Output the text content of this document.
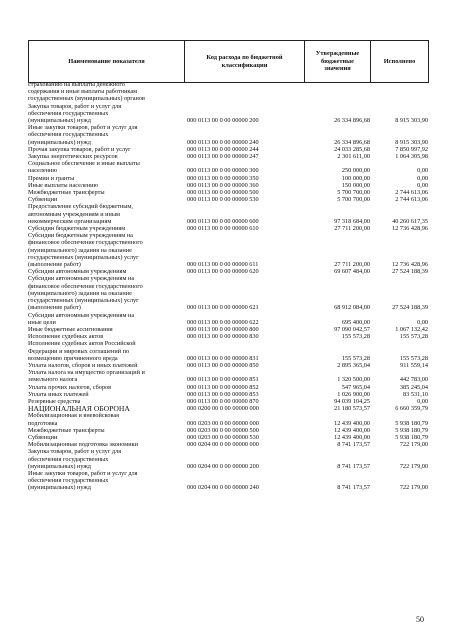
Наименование показателя	Код расхода по бюджетной классификации	Утвержденные бюджетные значения	Исполнено
страхованию на выплаты денежного
содержания и иные выплаты работникам
государственных (муниципальных) органов
Закупка товаров, работ и услуг для
обеспечения государственных
(муниципальных) нужд	000 0113 00 0 00 00000 200	26 334 896,68	8 915 303,90
Иные закупки товаров, работ и услуг для
обеспечения государственных
(муниципальных) нужд	000 0113 00 0 00 00000 240	26 334 896,68	8 915 303,90
Прочая закупка товаров, работ и услуг	000 0113 00 0 00 00000 244	24 033 285,68	7 850 997,92
Закупка энергетических ресурсов	000 0113 00 0 00 00000 247	2 301 611,00	1 064 305,98
Социальное обеспечение и иные выплаты
населению	000 0113 00 0 00 00000 300	250 000,00	0,00
Премии и гранты	000 0113 00 0 00 00000 350	100 000,00	0,00
Иные выплаты населению	000 0113 00 0 00 00000 360	150 000,00	0,00
Межбюджетные трансферты	000 0113 00 0 00 00000 500	5 700 700,00	2 744 613,06
Субвенции	000 0113 00 0 00 00000 530	5 700 700,00	2 744 613,06
Предоставление субсидий бюджетным,
автономным учреждениям и иным
некоммерческим организациям	000 0113 00 0 00 00000 600	97 318 684,00	40 260 617,35
Субсидии бюджетным учреждениям	000 0113 00 0 00 00000 610	27 711 200,00	12 736 428,96
Субсидии бюджетным учреждениям на
финансовое обеспечение государственного
(муниципального) задания на оказание
государственных (муниципальных) услуг
(выполнение работ)	000 0113 00 0 00 00000 611	27 711 200,00	12 736 428,96
Субсидии автономным учреждениям	000 0113 00 0 00 00000 620	69 607 484,00	27 524 188,39
Субсидии автономным учреждениям на
финансовое обеспечение государственного
(муниципального) задания на оказание
государственных (муниципальных) услуг
(выполнение работ)	000 0113 00 0 00 00000 621	68 912 084,00	27 524 188,39
Субсидии автономным учреждениям на
иные цели	000 0113 00 0 00 00000 622	695 400,00	0,00
Иные бюджетные ассигнования	000 0113 00 0 00 00000 800	97 090 042,57	1 067 132,42
Исполнение судебных актов	000 0113 00 0 00 00000 830	155 573,28	155 573,28
Исполнение судебных актов Российской
Федерации и мировых соглашений по
возмещению причиненного вреда	000 0113 00 0 00 00000 831	155 573,28	155 573,28
Уплата налогов, сборов и иных платежей	000 0113 00 0 00 00000 850	2 895 365,04	911 559,14
Уплата налога на имущество организаций и
земельного налога	000 0113 00 0 00 00000 851	1 320 500,00	442 783,00
Уплата прочих налогов, сборов	000 0113 00 0 00 00000 852	547 965,04	385 245,04
Уплата иных платежей	000 0113 00 0 00 00000 853	1 026 900,00	83 531,10
Резервные средства	000 0113 00 0 00 00000 870	94 039 104,25	0,00
НАЦИОНАЛЬНАЯ ОБОРОНА	000 0200 00 0 00 00000 000	21 180 573,57	6 660 359,79
Мобилизационная и вневойсковая
подготовка	000 0203 00 0 00 00000 000	12 439 400,00	5 938 180,79
Межбюджетные трансферты	000 0203 00 0 00 00000 500	12 439 400,00	5 938 180,79
Субвенции	000 0203 00 0 00 00000 530	12 439 400,00	5 938 180,79
Мобилизационная подготовка экономики	000 0204 00 0 00 00000 000	8 741 173,57	722 179,00
Закупка товаров, работ и услуг для
обеспечения государственных
(муниципальных) нужд	000 0204 00 0 00 00000 200	8 741 173,57	722 179,00
Иные закупки товаров, работ и услуг для
обеспечения государственных
(муниципальных) нужд	000 0204 00 0 00 00000 240	8 741 173,57	722 179,00
50
